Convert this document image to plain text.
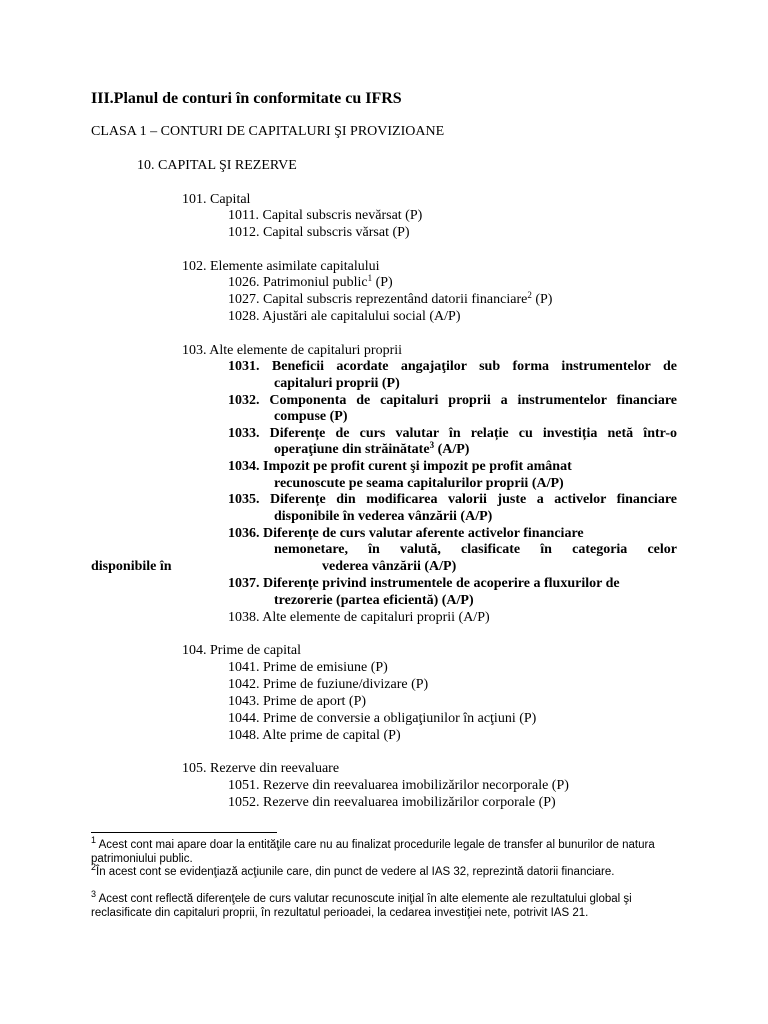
III.Planul de conturi în conformitate cu IFRS
CLASA 1 – CONTURI DE CAPITALURI ŞI PROVIZIOANE
10. CAPITAL ŞI REZERVE
101. Capital
1011. Capital subscris nevărsat (P)
1012. Capital subscris vărsat (P)
102. Elemente asimilate capitalului
1026. Patrimoniul public$^1$ (P)
1027. Capital subscris reprezentând datorii financiare$^2$ (P)
1028. Ajustări ale capitalului social (A/P)
103. Alte elemente de capitaluri proprii
1031. Beneficii acordate angajaţilor sub forma instrumentelor de
capitaluri proprii (P)
1032. Componenta de capitaluri proprii a instrumentelor financiare
compuse (P)
1033. Diferențe de curs valutar în relație cu investiția netă într-o
operaţiune din străinătate$^3$ (A/P)
1034. Impozit pe profit curent şi impozit pe profit amânat
recunoscute pe seama capitalurilor proprii (A/P)
1035. Diferențe din modificarea valorii juste a activelor financiare
disponibile în vederea vânzării (A/P)
1036. Diferențe de curs valutar aferente activelor financiare
nemonetare, în valută, clasificate în categoria celor
disponibile în	vederea vânzării (A/P)
1037. Diferențe privind instrumentele de acoperire a fluxurilor de
trezorerie (partea eficientă) (A/P)
1038. Alte elemente de capitaluri proprii (A/P)
104. Prime de capital
1041. Prime de emisiune (P)
1042. Prime de fuziune/divizare (P)
1043. Prime de aport (P)
1044. Prime de conversie a obligaţiunilor în acţiuni (P)
1048. Alte prime de capital (P)
105. Rezerve din reevaluare
1051. Rezerve din reevaluarea imobilizărilor necorporale (P)
1052. Rezerve din reevaluarea imobilizărilor corporale (P)
$^1$ Acest cont mai apare doar la entităţile care nu au finalizat procedurile legale de transfer al bunurilor de natura patrimoniului public.
$^2$În acest cont se evidenţiază acţiunile care, din punct de vedere al IAS 32, reprezintă datorii financiare.
$^3$ Acest cont reflectă diferenţele de curs valutar recunoscute iniţial în alte elemente ale rezultatului global şi reclasificate din capitaluri proprii, în rezultatul perioadei, la cedarea investiţiei nete, potrivit IAS 21.
